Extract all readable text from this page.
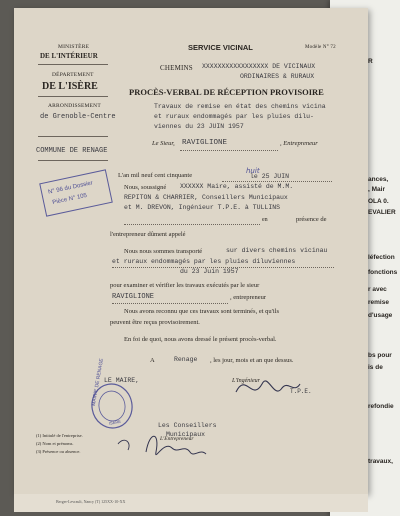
R
ances,
, Mair
OLA 0.
EVALIER
léfection
fonctions
r avec
remise
d'usage
bs pour
is de
refondie
travaux,
MINISTÈRE
DE L'INTÉRIEUR
DÉPARTEMENT
DE L'ISÈRE
ARRONDISSEMENT
de Grenoble-Centre
COMMUNE DE RENAGE
N° 96 du Dossier
Pièce N° 105
SERVICE VICINAL	Modèle N° 72
CHEMINS XXXXXXXXXXXXXXXXX DE VICINAUX
ORDINAIRES & RURAUX
PROCÈS-VERBAL DE RÉCEPTION PROVISOIRE
Travaux de remise en état des chemins vicina
et ruraux endommagés par les pluies dilu-
viennes du 23 JUIN 1957
Le Sieur, RAVIGLIONE	, Entrepreneur
L'an mil neuf cent cinquante
huit
le 25 JUIN
Nous, soussigné XXXXXX Maire, assisté de M.M.
REPITON & CHARRIER, Conseillers Municipaux
et M. DREVON, Ingénieur T.P.E. à TULLINS
en	présence de
l'entrepreneur dûment appelé
Nous nous sommes transporté	sur divers chemins vicinau
et ruraux endommagés par les pluies diluviennes
du 23 Juin 1957
pour examiner et vérifier les travaux exécutés par le sieur
RAVIGLIONE	, entrepreneur
Nous avons reconnu que ces travaux sont terminés, et qu'ils
peuvent être reçus provisoirement.
En foi de quoi, nous avons dressé le présent procès-verbal.
A	Renage , les jour, mois et an que dessus.
LE MAIRE,	L'Ingénieur
T.P.E.
Les Conseillers
Municipaux
L'Entrepreneur
(1) Intitulé de l'entreprise.
(2) Nom et prénoms.
(3) Présence ou absence.
Berger-Levrault, Nancy (T) 125XX-10-XX
MAIRIE DE RENAGE
ISÈRE
